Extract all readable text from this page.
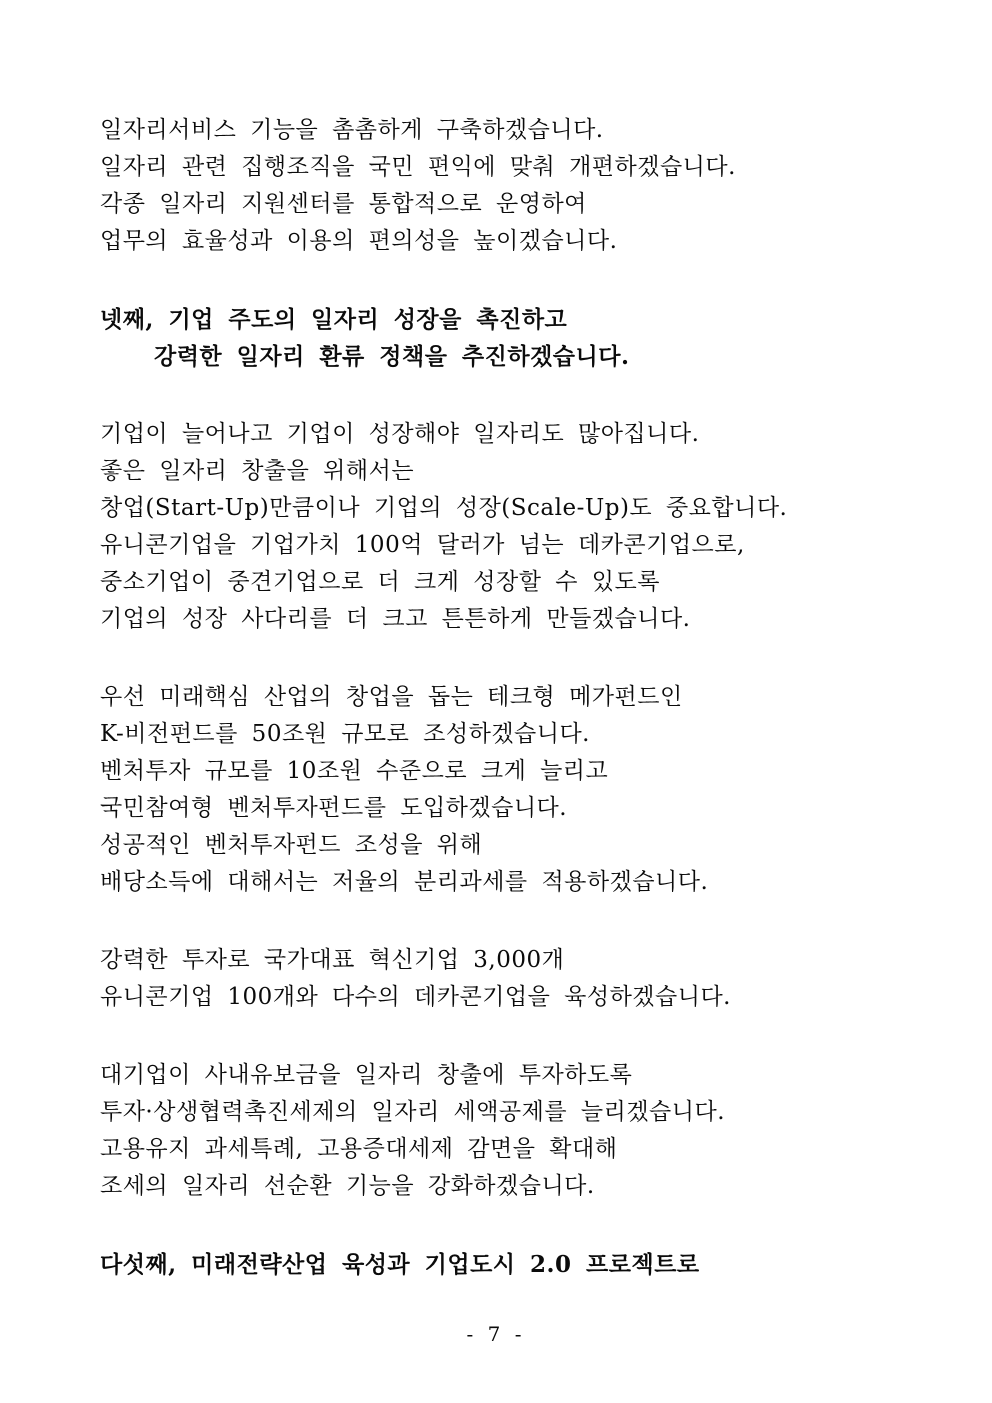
일자리서비스 기능을 촘촘하게 구축하겠습니다.
일자리 관련 집행조직을 국민 편익에 맞춰 개편하겠습니다.
각종 일자리 지원센터를 통합적으로 운영하여
업무의 효율성과 이용의 편의성을 높이겠습니다.
넷째, 기업 주도의 일자리 성장을 촉진하고
강력한 일자리 환류 정책을 추진하겠습니다.
기업이 늘어나고 기업이 성장해야 일자리도 많아집니다.
좋은 일자리 창출을 위해서는
창업(Start-Up)만큼이나 기업의 성장(Scale-Up)도 중요합니다.
유니콘기업을 기업가치 100억 달러가 넘는 데카콘기업으로,
중소기업이 중견기업으로 더 크게 성장할 수 있도록
기업의 성장 사다리를 더 크고 튼튼하게 만들겠습니다.
우선 미래핵심 산업의 창업을 돕는 테크형 메가펀드인
K-비전펀드를 50조원 규모로 조성하겠습니다.
벤처투자 규모를 10조원 수준으로 크게 늘리고
국민참여형 벤처투자펀드를 도입하겠습니다.
성공적인 벤처투자펀드 조성을 위해
배당소득에 대해서는 저율의 분리과세를 적용하겠습니다.
강력한 투자로 국가대표 혁신기업 3,000개
유니콘기업 100개와 다수의 데카콘기업을 육성하겠습니다.
대기업이 사내유보금을 일자리 창출에 투자하도록
투자·상생협력촉진세제의 일자리 세액공제를 늘리겠습니다.
고용유지 과세특례, 고용증대세제 감면을 확대해
조세의 일자리 선순환 기능을 강화하겠습니다.
다섯째, 미래전략산업 육성과 기업도시 2.0 프로젝트로
- 7 -
